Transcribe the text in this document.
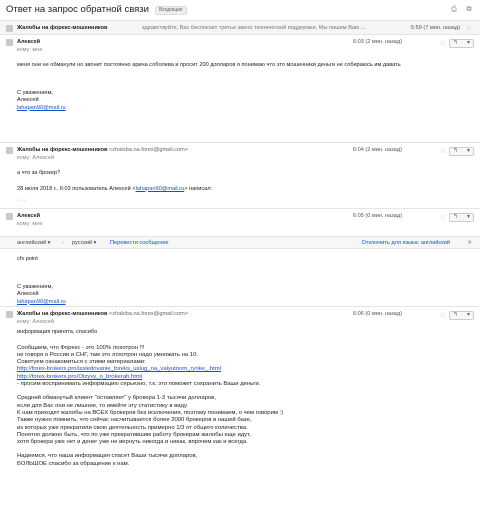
Ответ на запрос обратной связи	Входящие	⎙	⧉
Жалобы на форекс-мошенников	здравствуйте, Вас беспокоит третье звено технической поддержки. Мы пишем Вам ...	5:59 (7 мин. назад) ☆
Алексей
кому: мне
6:03 (2 мин. назад)	☆ ↰ ▾

меня они не обманули но звонит постоянно арина соболева и просит 200 долларов я понимаю что это мошенники деньги не собираюсь им давать

С уважением,

Алексей

lahapan90@mail.ru

Жалобы на форекс-мошенников <zhaloba.na.forex@gmail.com>
кому: Алексей
6:04 (2 мин. назад)	☆ ↰ ▾

а что за брокер?

28 июля 2018 г., 6:03 пользователь Алексей <lahapan90@mail.ru> написал:

···

Алексей
кому: мне
6:05 (0 мин. назад)	☆ ↰ ▾
английский ▾ › русский ▾ Перевести сообщение	Отключить для языка: английский	✕

cfx point

С уважением,

Алексей

lahapan90@mail.ru

Жалобы на форекс-мошенников <zhaloba.na.forex@gmail.com>
кому: Алексей
6:06 (0 мин. назад)	☆ ↰ ▾

информация принята, спасибо

Сообщаем, что Форекс - это 100% лохотрон !!!

не говоря о России и СНГ, там это лохотрон надо умножать на 10.

Советуем ознакомиться с этими материалами:

http://forex-brokers.pro/issledovanie_foreks_uslug_na_valyutnom_rynke_.html

http://forex-brokers.pro/Otzyvy_o_brokerah.html

- просим воспринимать информацию серьезно, т.к. это поможет сохранить Ваши деньги.

Средний обманутый клиент "оставляет" у брокера 1-3 тысячи долларов,

если для Вас они не лишние, то имейте эту статистику в виду.

К нам приходят жалобы на ВСЕХ брокеров без исключения, поэтому понимаем, о чем говорим :)

Также нужно помнить, что сейчас насчитывается более 2000 брокеров в нашей базе,

из которых уже прекратили свою деятельность примерно 1/3 от общего количества.

Понятно должно быть, что по уже прекратившим работу брокерам жалобы еще идут,

хотя брокера уже нет и денег уже не вернуть никогда и никак, впрочем как и всегда.

Надеемся, что наша информация спасет Ваши тысячи долларов,

БОЛЬШОЕ спасибо за обращение к нам.
